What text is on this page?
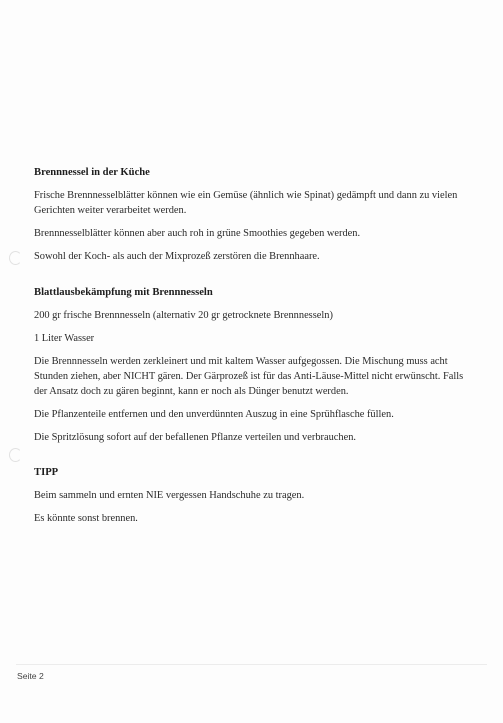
Brennnessel in der Küche

Frische Brennnesselblätter können wie ein Gemüse (ähnlich wie Spinat) gedämpft und dann zu vielen Gerichten weiter verarbeitet werden.

Brennnesselblätter können aber auch roh in grüne Smoothies gegeben werden.

Sowohl der Koch- als auch der Mixprozeß zerstören die Brennhaare.

Blattlausbekämpfung mit Brennnesseln

200 gr frische Brennnesseln (alternativ 20 gr getrocknete Brennnesseln)

1 Liter Wasser

Die Brennnesseln werden zerkleinert und mit kaltem Wasser aufgegossen. Die Mischung muss acht Stunden ziehen, aber NICHT gären. Der Gärprozeß ist für das Anti-Läuse-Mittel nicht erwünscht. Falls der Ansatz doch zu gären beginnt, kann er noch als Dünger benutzt werden.

Die Pflanzenteile entfernen und den unverdünnten Auszug in eine Sprühflasche füllen.

Die Spritzlösung sofort auf der befallenen Pflanze verteilen und verbrauchen.

TIPP

Beim sammeln und ernten NIE vergessen Handschuhe zu tragen.

Es könnte sonst brennen.

Seite 2
